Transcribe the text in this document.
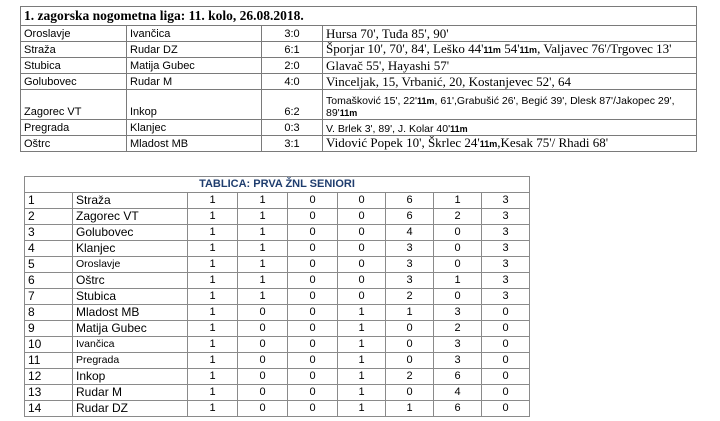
1. zagorska nogometna liga: 11. kolo, 26.08.2018.			
Oroslavje	Ivančica	3:0	Hursa 70', Tuđa 85', 90'
Straža	Rudar DZ	6:1	Šporjar 10', 70', 84', Leško 44'11m 54'11m, Valjavec 76'/Trgovec 13'
Stubica	Matija Gubec	2:0	Glavač 55', Hayashi 57'
Golubovec	Rudar M	4:0	Vinceljak, 15, Vrbanić, 20, Kostanjevec 52', 64
Zagorec VT	Inkop	6:2	Tomašković 15', 22'11m, 61',Grabušić 26', Begić 39', Dlesk 87'/Jakopec 29', 89'11m
Pregrada	Klanjec	0:3	V. Brlek 3', 89', J. Kolar 40'11m
Oštrc	Mladost MB	3:1	Vidović Popek 10', Škrlec 24'11m,Kesak 75'/ Rhadi 68'
TABLICA: PRVA ŽNL SENIORI								
1	Straža	1	1	0	0	6	1	3
2	Zagorec VT	1	1	0	0	6	2	3
3	Golubovec	1	1	0	0	4	0	3
4	Klanjec	1	1	0	0	3	0	3
5	Oroslavje	1	1	0	0	3	0	3
6	Oštrc	1	1	0	0	3	1	3
7	Stubica	1	1	0	0	2	0	3
8	Mladost MB	1	0	0	1	1	3	0
9	Matija Gubec	1	0	0	1	0	2	0
10	Ivančica	1	0	0	1	0	3	0
11	Pregrada	1	0	0	1	0	3	0
12	Inkop	1	0	0	1	2	6	0
13	Rudar M	1	0	0	1	0	4	0
14	Rudar DZ	1	0	0	1	1	6	0
